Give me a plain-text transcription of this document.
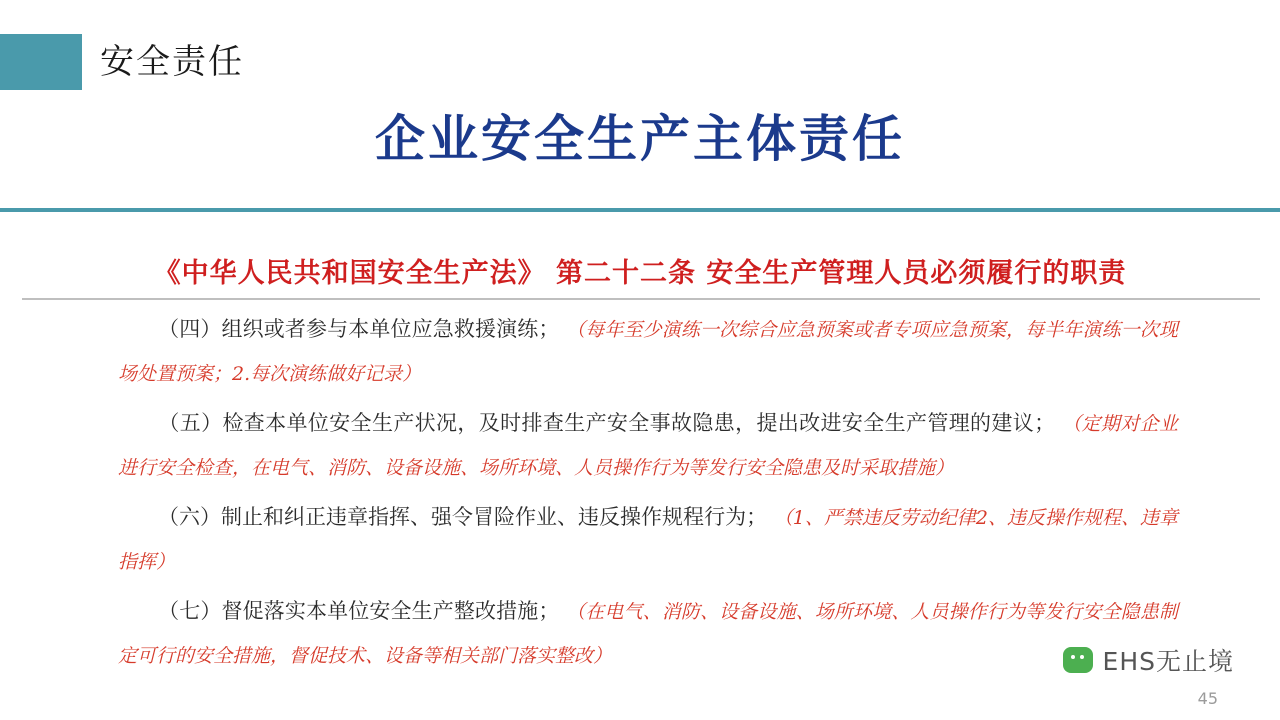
安全责任
企业安全生产主体责任
《中华人民共和国安全生产法》 第二十二条 安全生产管理人员必须履行的职责

（四）组织或者参与本单位应急救援演练； （每年至少演练一次综合应急预案或者专项应急预案，每半年演练一次现场处置预案；2.每次演练做好记录）

（五）检查本单位安全生产状况，及时排查生产安全事故隐患，提出改进安全生产管理的建议； （定期对企业进行安全检查，在电气、消防、设备设施、场所环境、人员操作行为等发行安全隐患及时采取措施）

（六）制止和纠正违章指挥、强令冒险作业、违反操作规程行为； （1、严禁违反劳动纪律2、违反操作规程、违章指挥）

（七）督促落实本单位安全生产整改措施； （在电气、消防、设备设施、场所环境、人员操作行为等发行安全隐患制定可行的安全措施，督促技术、设备等相关部门落实整改）	EHS无止境
45
